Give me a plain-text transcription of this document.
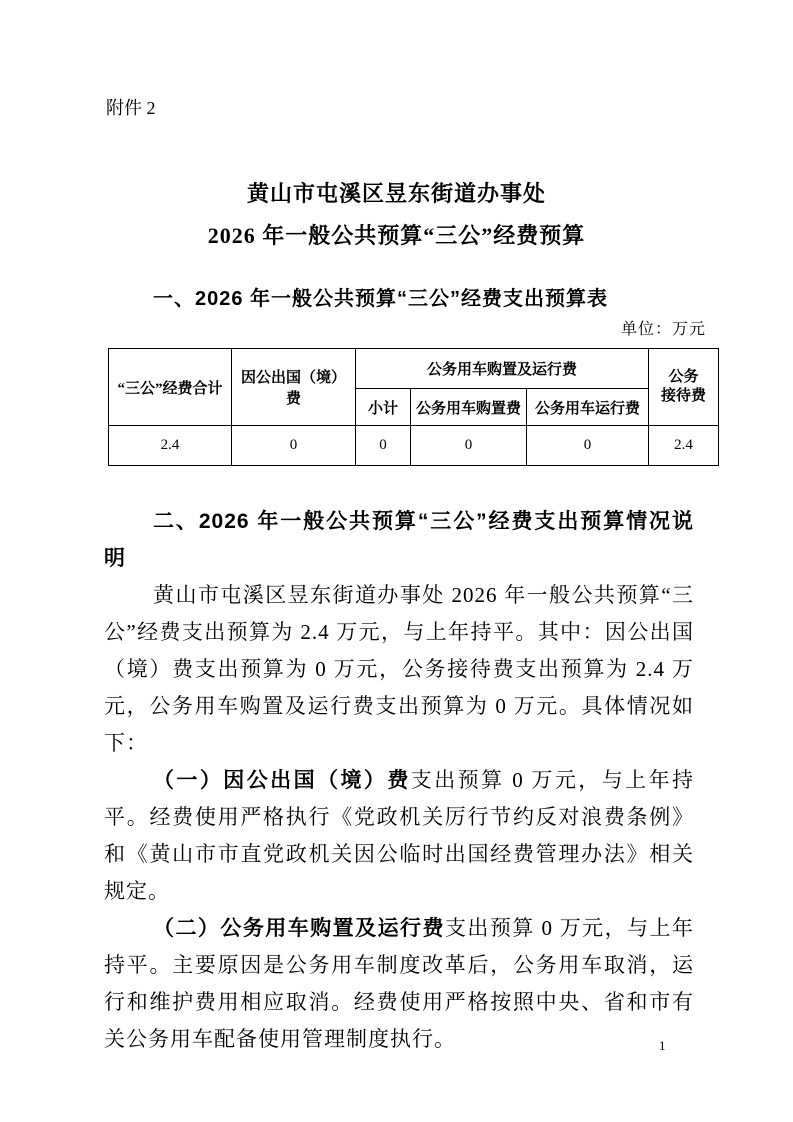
附件 2
黄山市屯溪区昱东街道办事处
2026 年一般公共预算“三公”经费预算
一、2026 年一般公共预算“三公”经费支出预算表
单位：万元
“三公”经费合计	因公出国（境）费	公务用车购置及运行费			公务
接待费

		小计	公务用车购置费	公务用车运行费	
2.4	0	0	0	0	2.4

二、2026 年一般公共预算“三公”经费支出预算情况说明

黄山市屯溪区昱东街道办事处 2026 年一般公共预算“三公”经费支出预算为 2.4 万元，与上年持平。其中：因公出国（境）费支出预算为 0 万元，公务接待费支出预算为 2.4 万元，公务用车购置及运行费支出预算为 0 万元。具体情况如下：

（一）因公出国（境）费支出预算 0 万元，与上年持平。经费使用严格执行《党政机关厉行节约反对浪费条例》和《黄山市市直党政机关因公临时出国经费管理办法》相关规定。

（二）公务用车购置及运行费支出预算 0 万元，与上年持平。主要原因是公务用车制度改革后，公务用车取消，运行和维护费用相应取消。经费使用严格按照中央、省和市有关公务用车配备使用管理制度执行。	1
